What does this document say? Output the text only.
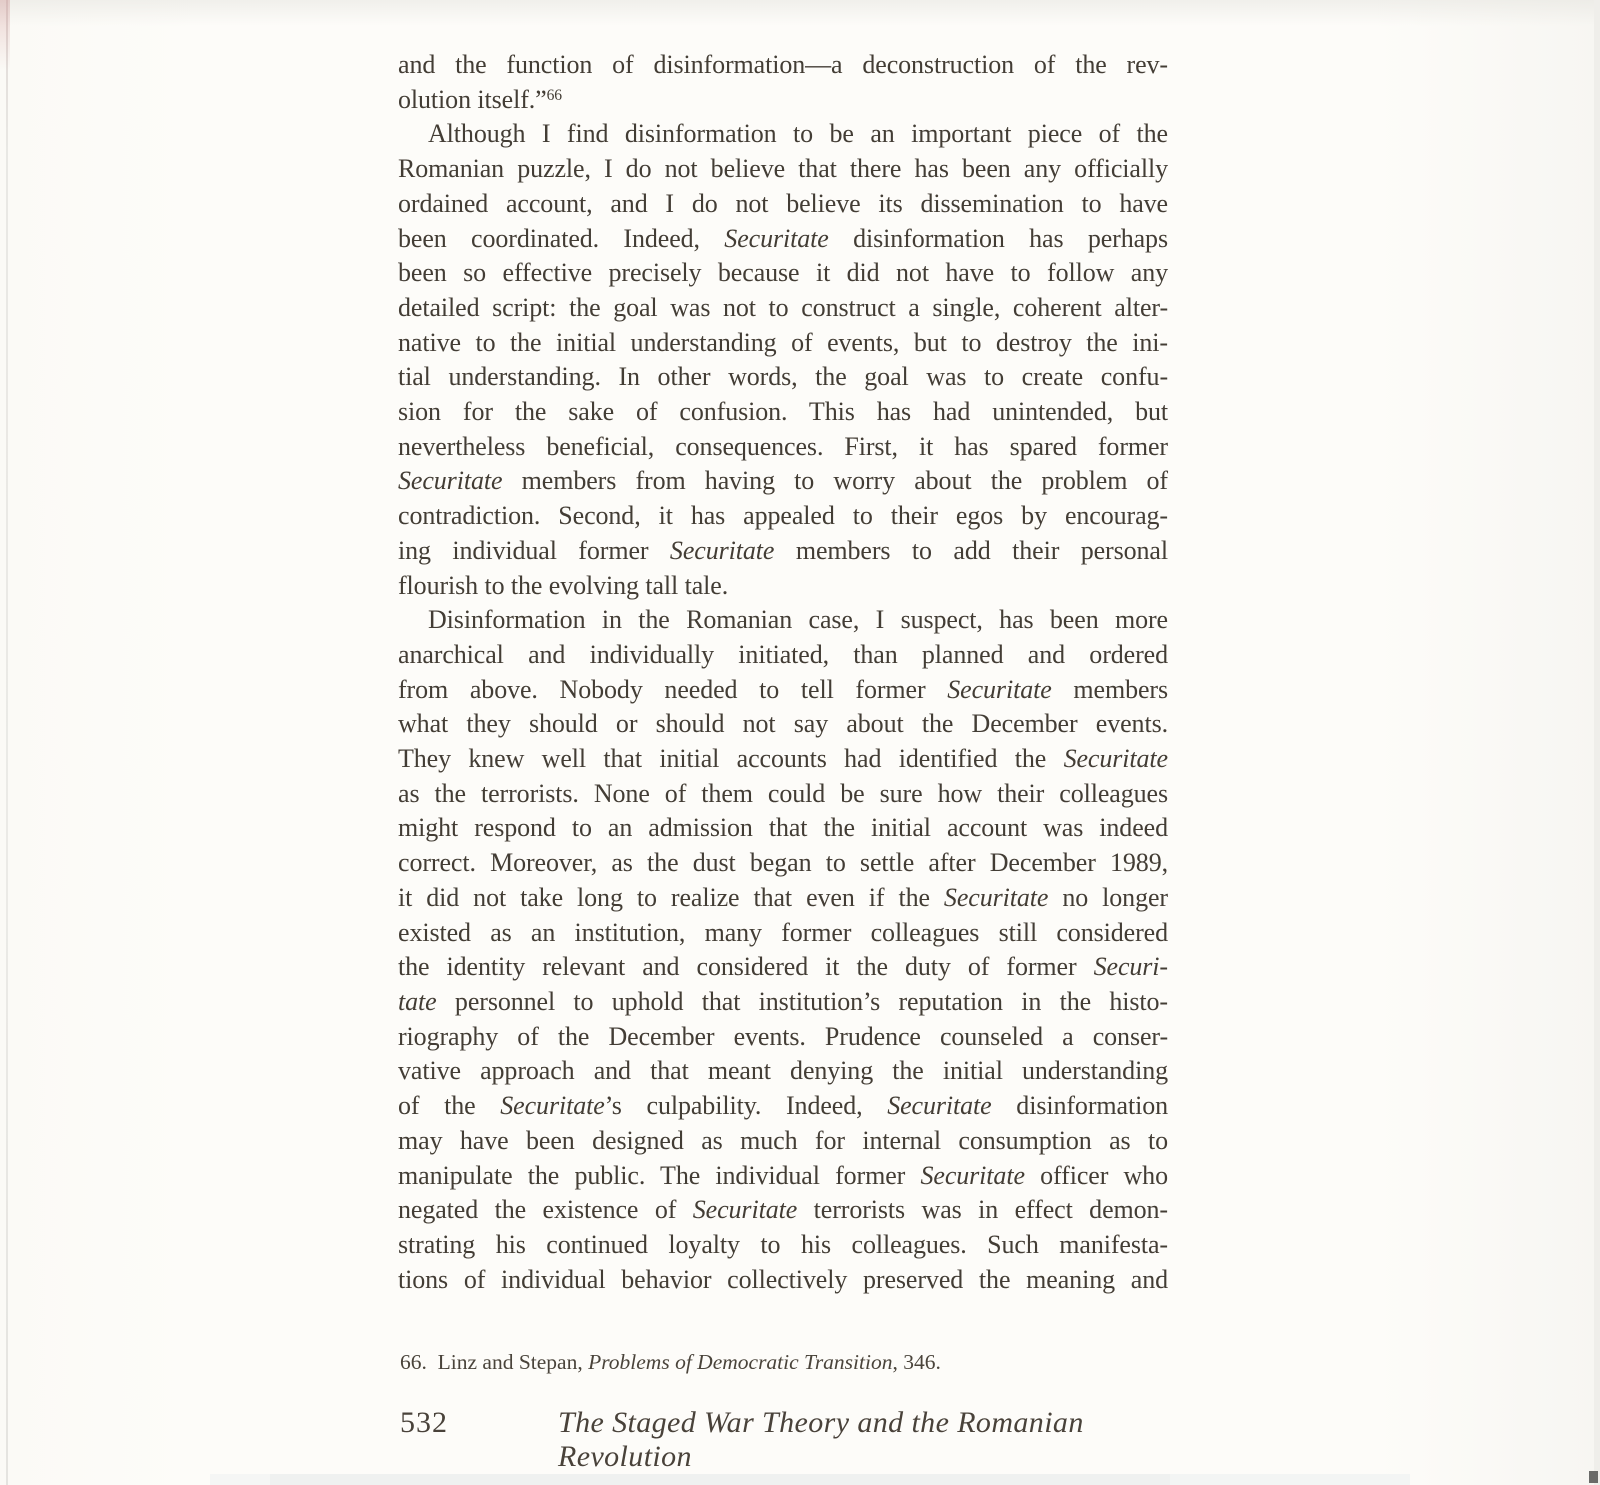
and the function of disinformation—a deconstruction of the rev-
olution itself.”$^{66}$
Although I find disinformation to be an important piece of the
Romanian puzzle, I do not believe that there has been any officially
ordained account, and I do not believe its dissemination to have
been coordinated. Indeed, Securitate disinformation has perhaps
been so effective precisely because it did not have to follow any
detailed script: the goal was not to construct a single, coherent alter-
native to the initial understanding of events, but to destroy the ini-
tial understanding. In other words, the goal was to create confu-
sion for the sake of confusion. This has had unintended, but
nevertheless beneficial, consequences. First, it has spared former
Securitate members from having to worry about the problem of
contradiction. Second, it has appealed to their egos by encourag-
ing individual former Securitate members to add their personal
flourish to the evolving tall tale.
Disinformation in the Romanian case, I suspect, has been more
anarchical and individually initiated, than planned and ordered
from above. Nobody needed to tell former Securitate members
what they should or should not say about the December events.
They knew well that initial accounts had identified the Securitate
as the terrorists. None of them could be sure how their colleagues
might respond to an admission that the initial account was indeed
correct. Moreover, as the dust began to settle after December 1989,
it did not take long to realize that even if the Securitate no longer
existed as an institution, many former colleagues still considered
the identity relevant and considered it the duty of former Securi-
tate personnel to uphold that institution’s reputation in the histo-
riography of the December events. Prudence counseled a conser-
vative approach and that meant denying the initial understanding
of the Securitate’s culpability. Indeed, Securitate disinformation
may have been designed as much for internal consumption as to
manipulate the public. The individual former Securitate officer who
negated the existence of Securitate terrorists was in effect demon-
strating his continued loyalty to his colleagues. Such manifesta-
tions of individual behavior collectively preserved the meaning and
66.  Linz and Stepan, Problems of Democratic Transition, 346.
532	The Staged War Theory and the Romanian Revolution
